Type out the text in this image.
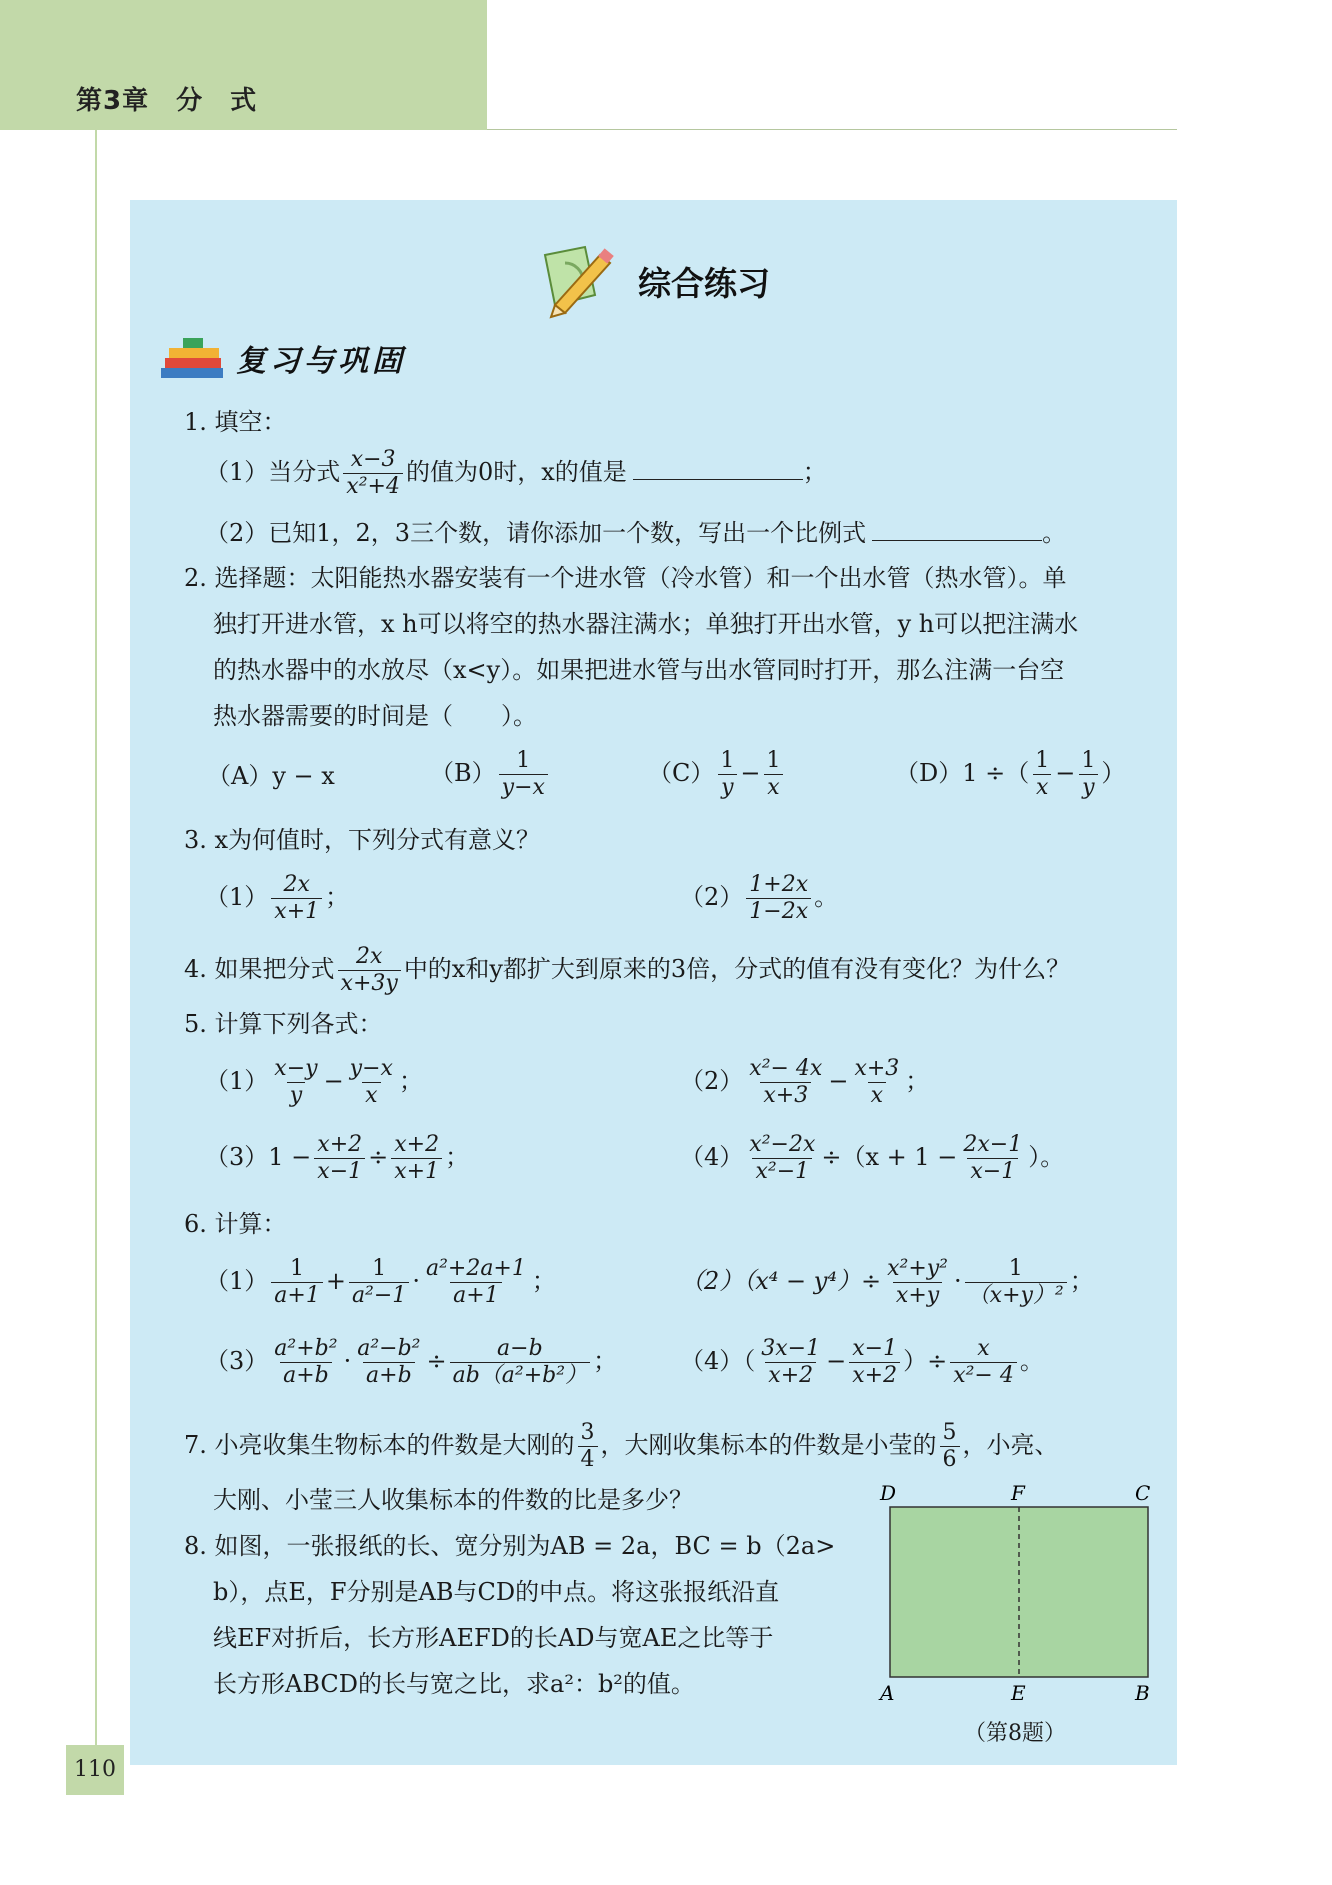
第3章　 分　式
110
综合练习
复习与巩固
1. 填空：
（1）当分式 $\frac{x-3}{\text{x²+4}}$ 的值为0时，x的值是	；
（2）已知1，2，3三个数，请你添加一个数，写出一个比例式	。
2. 选择题：太阳能热水器安装有一个进水管（冷水管）和一个出水管（热水管）。单
独打开进水管，x h可以将空的热水器注满水；单独打开出水管，y h可以把注满水
的热水器中的水放尽（x<y）。如果把进水管与出水管同时打开，那么注满一台空
热水器需要的时间是（　　）。
（A）y − x	$(B) \frac{1}{y-x}$	$(C) \frac{1}{y} - \frac{1}{x}$	（D）1 ÷（ $\frac{1}{x} - \frac{1}{y}$ ）
3. x为何值时，下列分式有意义？
$(1) \frac{2x}{x+1}$ ；	$(2) \frac{1+2x}{1-2x}$ 。
4. 如果把分式 $\frac{2x}{x+3y}$ 中的x和y都扩大到原来的3倍，分式的值有没有变化？为什么？
5. 计算下列各式：
$(1) \frac{x-y}{y} - \frac{y-x}{x}$ ；	$(2) \frac{\text{x²− 4x}}{x+3} - \frac{x+3}{x}$ ；
$(3)1 - \frac{x+2}{x-1} \div \frac{x+2}{x+1}$ ；	$(4) \frac{\text{x²−2x}}{\text{x²−1}} \div(x + 1 - \frac{2x-1}{x-1}$ ）。
6. 计算：
$(1) \frac{1}{a+1} + \frac{1}{\text{a²−1}} \cdot \frac{\text{a²+2a+1}}{a+1}$ ；	$(2)(x^4 - y^4)\div \frac{\text{x²+y²}}{x+y} \cdot \frac{1}{\text{（x+y）²}}$ ；
$(3) \frac{\text{a²+b²}}{a+b} \cdot \frac{\text{a²−b²}}{a+b} \div \frac{a-b}{\text{ab（a²+b²）}}$ ；	$(4)( \frac{3x-1}{x+2} - \frac{x-1}{x+2}$ ）÷ $\frac{x}{\text{x²− 4}}$ 。
7. 小亮收集生物标本的件数是大刚的 $\frac{3}{4}$ ，大刚收集标本的件数是小莹的 $\frac{5}{6}$ ，小亮、
大刚、小莹三人收集标本的件数的比是多少？
8. 如图，一张报纸的长、宽分别为AB = 2a，BC = b（2a>
b），点E，F分别是AB与CD的中点。将这张报纸沿直
线EF对折后，长方形AEFD的长AD与宽AE之比等于
长方形ABCD的长与宽之比，求a²：b²的值。
D	F	C
A	E	B
（第8题）
